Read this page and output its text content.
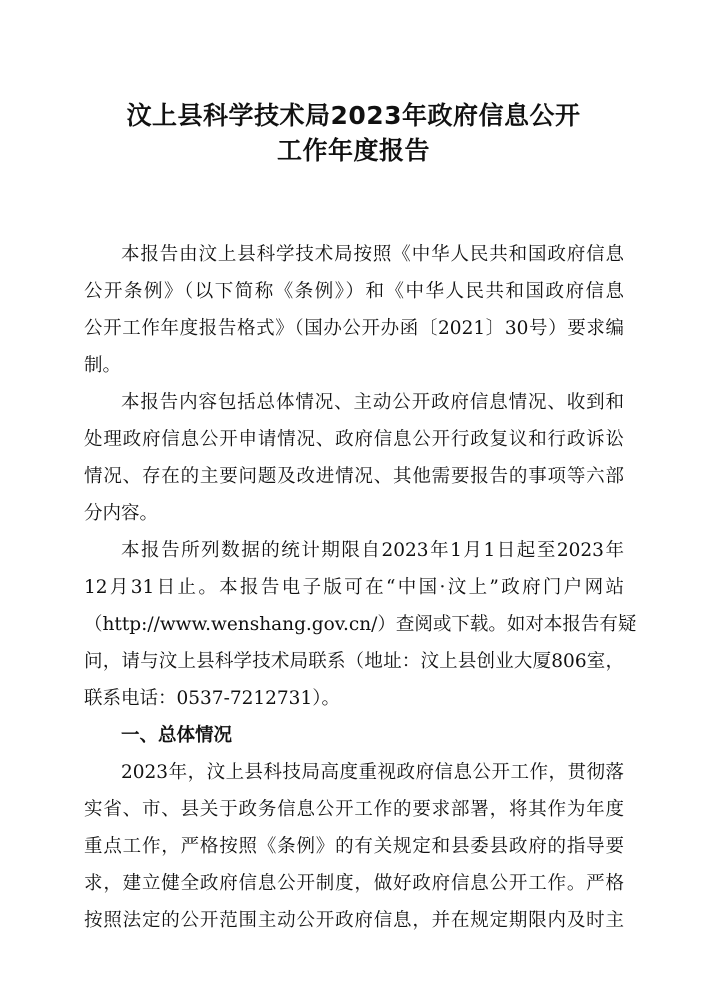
汶上县科学技术局2023年政府信息公开
工作年度报告
本报告由汶上县科学技术局按照《中华人民共和国政府信息
公开条例》（以下简称《条例》）和《中华人民共和国政府信息
公开工作年度报告格式》（国办公开办函〔2021〕30号）要求编
制。
本报告内容包括总体情况、主动公开政府信息情况、收到和
处理政府信息公开申请情况、政府信息公开行政复议和行政诉讼
情况、存在的主要问题及改进情况、其他需要报告的事项等六部
分内容。
本报告所列数据的统计期限自2023年1月1日起至2023年
12月31日止。本报告电子版可在“中国·汶上”政府门户网站
（http://www.wenshang.gov.cn/）查阅或下载。如对本报告有疑
问，请与汶上县科学技术局联系（地址：汶上县创业大厦806室，
联系电话：0537-7212731）。
一、总体情况
2023年，汶上县科技局高度重视政府信息公开工作，贯彻落
实省、市、县关于政务信息公开工作的要求部署，将其作为年度
重点工作，严格按照《条例》的有关规定和县委县政府的指导要
求，建立健全政府信息公开制度，做好政府信息公开工作。严格
按照法定的公开范围主动公开政府信息，并在规定期限内及时主
